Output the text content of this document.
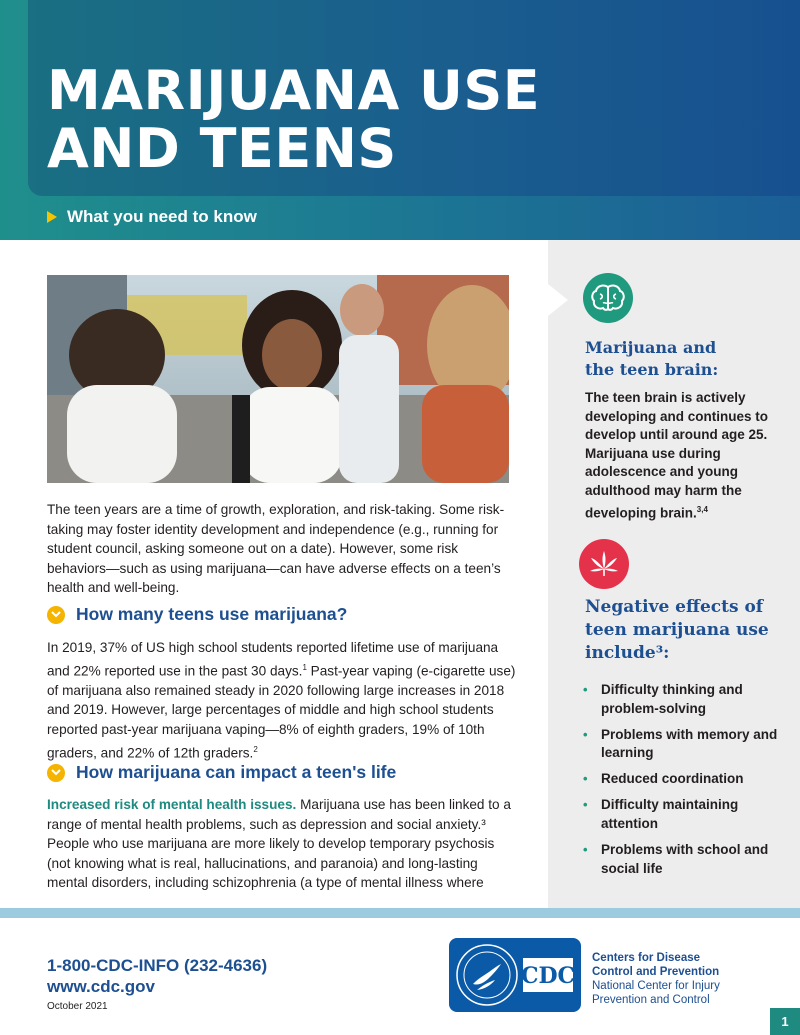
MARIJUANA USE
AND TEENS
What you need to know

The teen years are a time of growth, exploration, and risk-taking. Some risk-taking may foster identity development and independence (e.g., running for student council, asking someone out on a date). However, some risk behaviors—such as using marijuana—can have adverse effects on a teen’s health and well-being.

How many teens use marijuana?

In 2019, 37% of US high school students reported lifetime use of marijuana and 22% reported use in the past 30 days.$^1$ Past-year vaping (e-cigarette use) of marijuana also remained steady in 2020 following large increases in 2018 and 2019. However, large percentages of middle and high school students reported past-year marijuana vaping—8% of eighth graders, 19% of 10th graders, and 22% of 12th graders.$^2$

How marijuana can impact a teen's life

Increased risk of mental health issues. Marijuana use has been linked to a range of mental health problems, such as depression and social anxiety.³ People who use marijuana are more likely to develop temporary psychosis (not knowing what is real, hallucinations, and paranoia) and long-lasting mental disorders, including schizophrenia (a type of mental illness where

Marijuana and
the teen brain:

The teen brain is actively developing and continues to develop until around age 25. Marijuana use during adolescence and young adulthood may harm the developing brain.$^{3,4}$

Negative effects of
teen marijuana use
include³:
• Difficulty thinking and problem-solving
• Problems with memory and learning
• Reduced coordination
• Difficulty maintaining attention
• Problems with school and social life
1-800-CDC-INFO (232-4636)
www.cdc.gov
October 2021
CDC
Centers for Disease
Control and Prevention
National Center for Injury
Prevention and Control
1
